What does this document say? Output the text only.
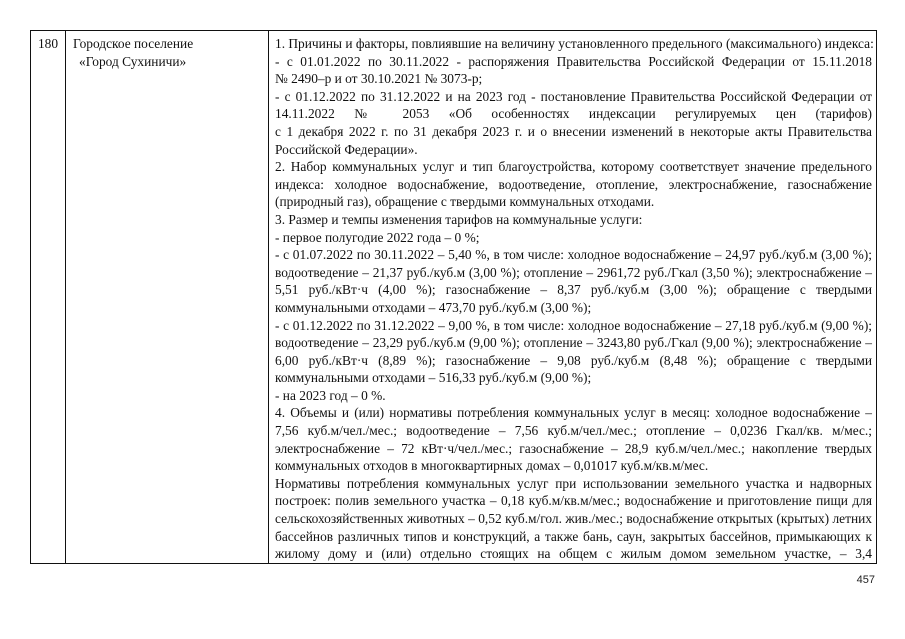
180	Городское поселение
«Город Сухиничи»
1. Причины и факторы, повлиявшие на величину установленного предельного (максимального) индекса:
- с 01.01.2022 по 30.11.2022 - распоряжения Правительства Российской Федерации от 15.11.2018
№ 2490–р и от 30.10.2021 № 3073-р;
- с 01.12.2022 по 31.12.2022 и на 2023 год - постановление Правительства Российской Федерации от
14.11.2022 № 2053 «Об особенностях индексации регулируемых цен (тарифов)
с 1 декабря 2022 г. по 31 декабря 2023 г. и о внесении изменений в некоторые акты Правительства
Российской Федерации».
2. Набор коммунальных услуг и тип благоустройства, которому соответствует значение предельного
индекса: холодное водоснабжение, водоотведение, отопление, электроснабжение, газоснабжение
(природный газ), обращение с твердыми коммунальных отходами.
3. Размер и темпы изменения тарифов на коммунальные услуги:
- первое полугодие 2022 года – 0 %;
- с 01.07.2022 по 30.11.2022 – 5,40 %, в том числе: холодное водоснабжение – 24,97 руб./куб.м (3,00 %);
водоотведение – 21,37 руб./куб.м (3,00 %); отопление – 2961,72 руб./Гкал (3,50 %); электроснабжение –
5,51 руб./кВт·ч (4,00 %); газоснабжение – 8,37 руб./куб.м (3,00 %); обращение с твердыми
коммунальными отходами – 473,70 руб./куб.м (3,00 %);
- с 01.12.2022 по 31.12.2022 – 9,00 %, в том числе: холодное водоснабжение – 27,18 руб./куб.м (9,00 %);
водоотведение – 23,29 руб./куб.м (9,00 %); отопление – 3243,80 руб./Гкал (9,00 %); электроснабжение –
6,00 руб./кВт·ч (8,89 %); газоснабжение – 9,08 руб./куб.м (8,48 %); обращение с твердыми
коммунальными отходами – 516,33 руб./куб.м (9,00 %);
- на 2023 год – 0 %.
4. Объемы и (или) нормативы потребления коммунальных услуг в месяц: холодное водоснабжение –
7,56 куб.м/чел./мес.; водоотведение – 7,56 куб.м/чел./мес.; отопление – 0,0236 Гкал/кв. м/мес.;
электроснабжение – 72 кВт·ч/чел./мес.; газоснабжение – 28,9 куб.м/чел./мес.; накопление твердых
коммунальных отходов в многоквартирных домах – 0,01017 куб.м/кв.м/мес.
Нормативы потребления коммунальных услуг при использовании земельного участка и надворных
построек: полив земельного участка – 0,18 куб.м/кв.м/мес.; водоснабжение и приготовление пищи для
сельскохозяйственных животных – 0,52 куб.м/гол. жив./мес.; водоснабжение открытых (крытых) летних
бассейнов различных типов и конструкций, а также бань, саун, закрытых бассейнов, примыкающих к
жилому дому и (или) отдельно стоящих на общем с жилым домом земельном участке, – 3,4
457
